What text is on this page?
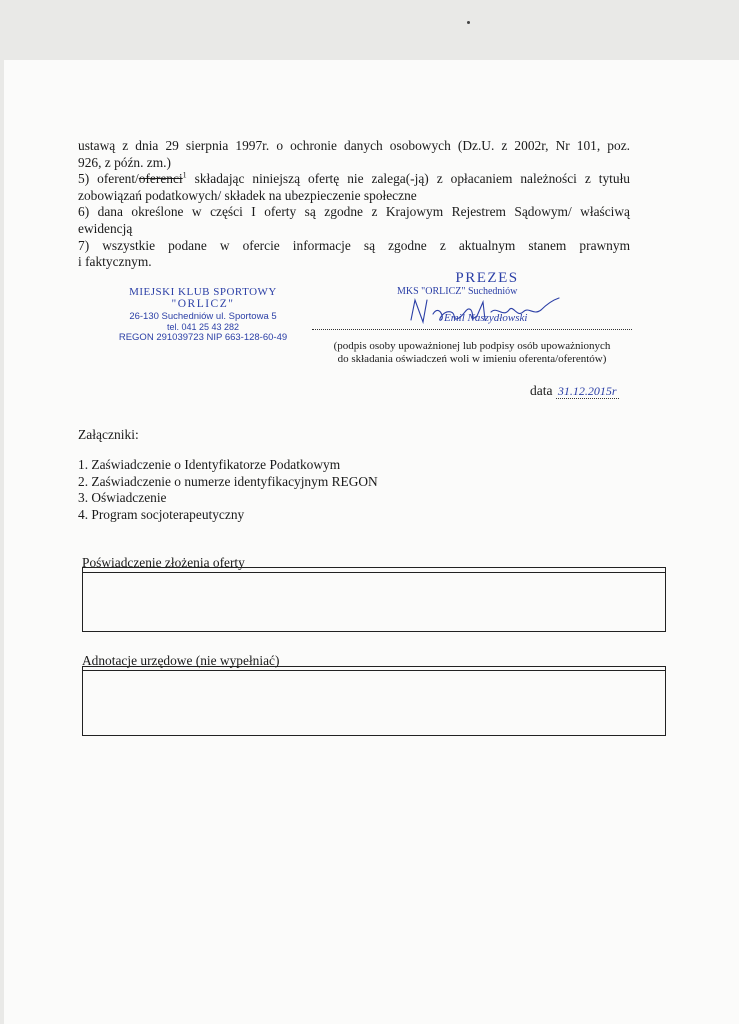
ustawą z dnia 29 sierpnia 1997r. o ochronie danych osobowych (Dz.U. z 2002r, Nr 101, poz.

926, z późn. zm.)

5) oferent/oferenci$^1$ składając niniejszą ofertę nie zalega(-ją) z opłacaniem należności z tytułu

zobowiązań podatkowych/ składek na ubezpieczenie społeczne

6) dana określone w części I oferty są zgodne z Krajowym Rejestrem Sądowym/ właściwą

ewidencją

7) wszystkie podane w ofercie informacje są zgodne z aktualnym stanem prawnym

i faktycznym.

MIEJSKI KLUB SPORTOWY
"ORLICZ"
26-130 Suchedniów ul. Sportowa 5
tel. 041 25 43 282
REGON 291039723 NIP 663-128-60-49
PREZES
MKS "ORLICZ" Suchedniów
Emil Naszydłowski
(podpis osoby upoważnionej lub podpisy osób upoważnionych
do składania oświadczeń woli w imieniu oferenta/oferentów)
data 31.12.2015r
Załączniki:
1. Zaświadczenie o Identyfikatorze Podatkowym
2. Zaświadczenie o numerze identyfikacyjnym REGON
3. Oświadczenie
4. Program socjoterapeutyczny
Poświadczenie złożenia oferty
Adnotacje urzędowe (nie wypełniać)
